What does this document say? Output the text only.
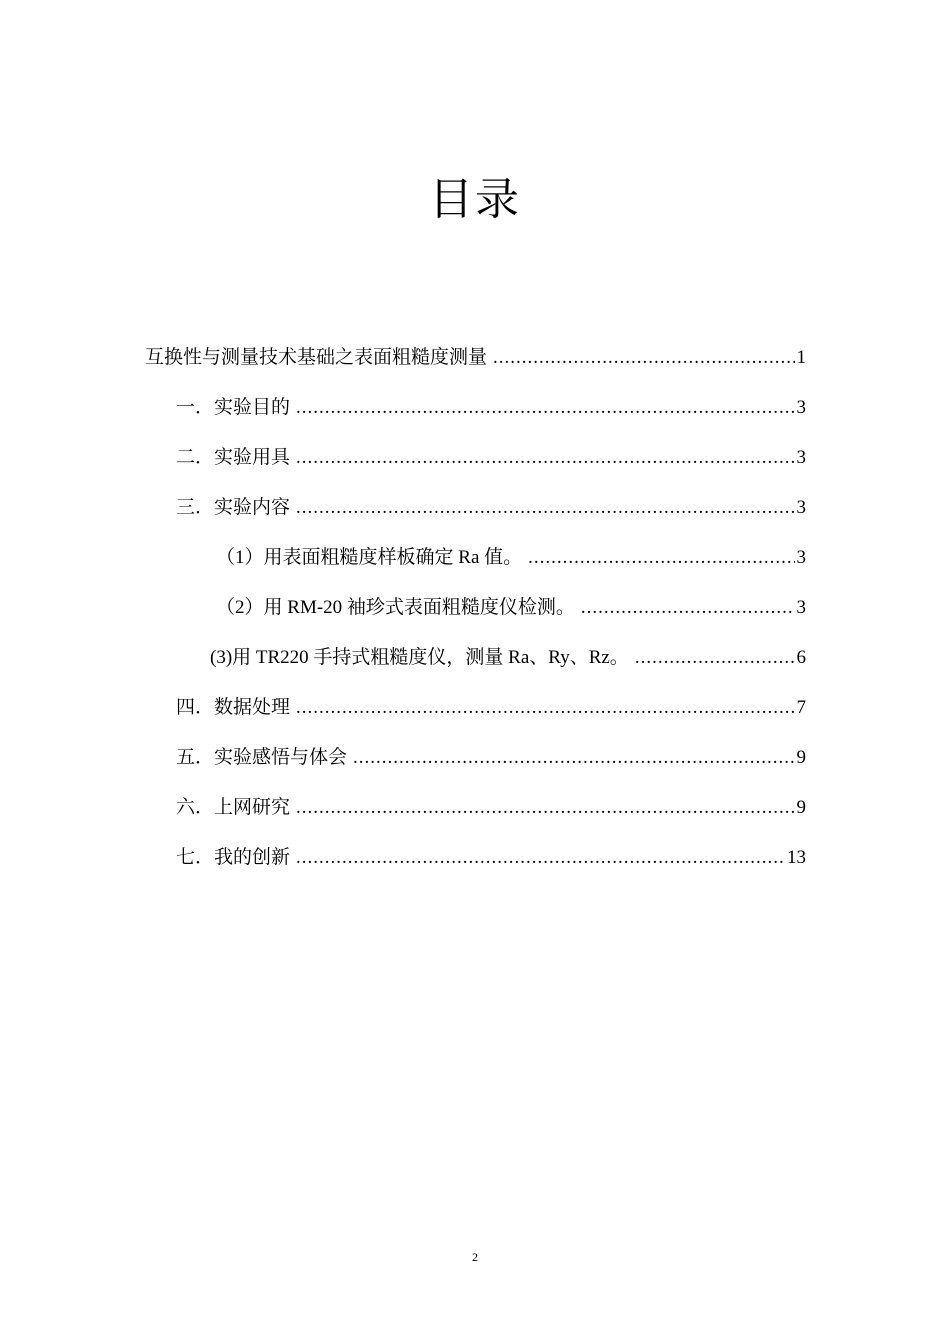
目录
互换性与测量技术基础之表面粗糙度测量 .....	1
一． 实验目的 .....	3
二． 实验用具 .....	3
三． 实验内容 .....	3
（1） 用表面粗糙度样板确定 Ra 值。 .....	3
（2） 用 RM-20 袖珍式表面粗糙度仪检测。 .....	3
(3)用 TR220 手持式粗糙度仪，测量 Ra、Ry、Rz。 .....	6
四． 数据处理 .....	7
五． 实验感悟与体会 .....	9
六． 上网研究 .....	9
七． 我的创新 .....	13
2
